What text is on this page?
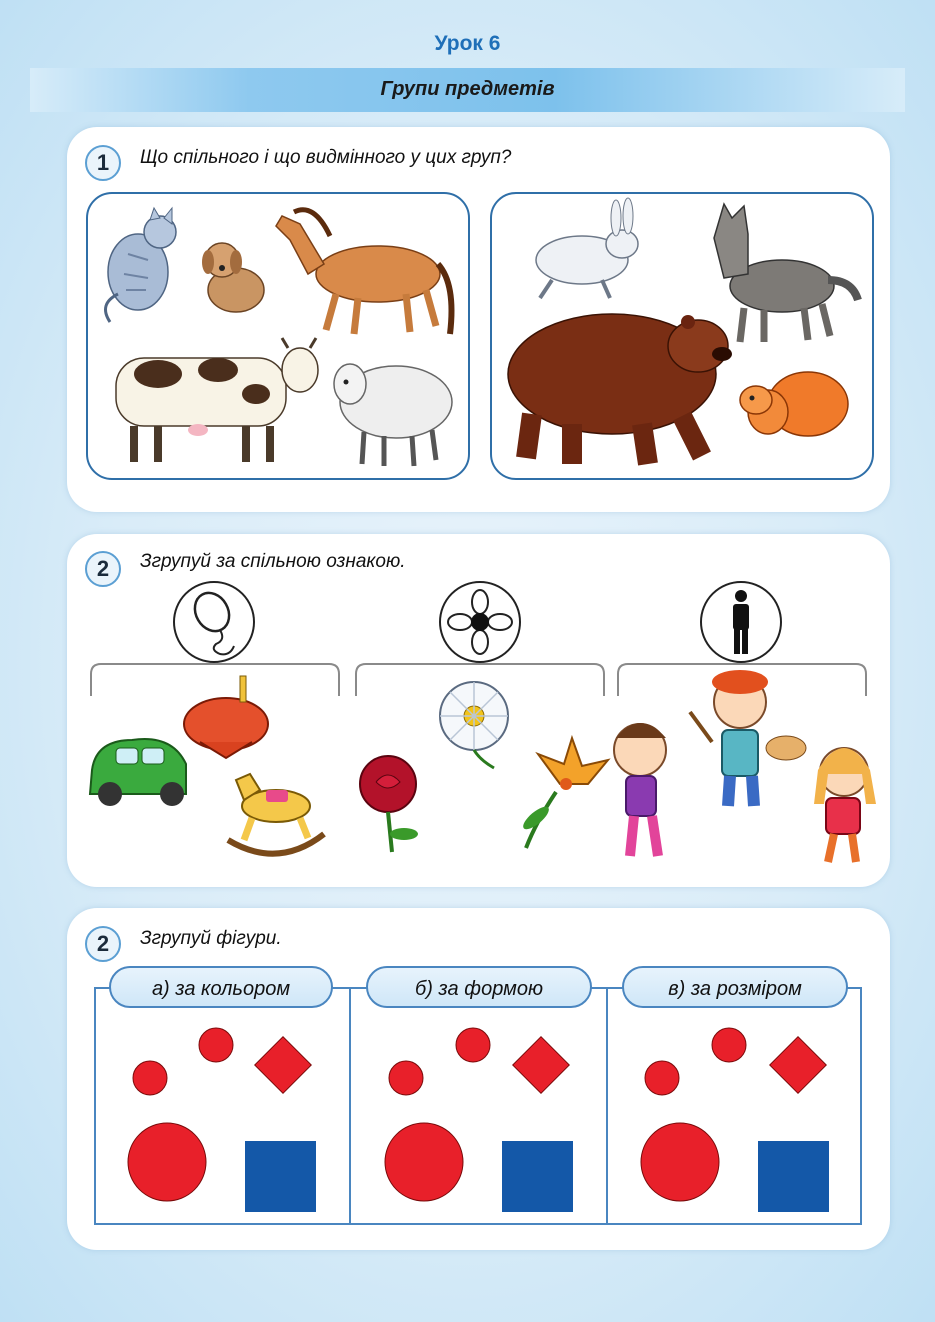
Урок 6
Групи предметів
1	Що спільного і що видмінного у цих груп?
2	Згрупуй за спільною ознакою.
2	Згрупуй фігури.
а) за кольором	б) за формою	в) за розміром
